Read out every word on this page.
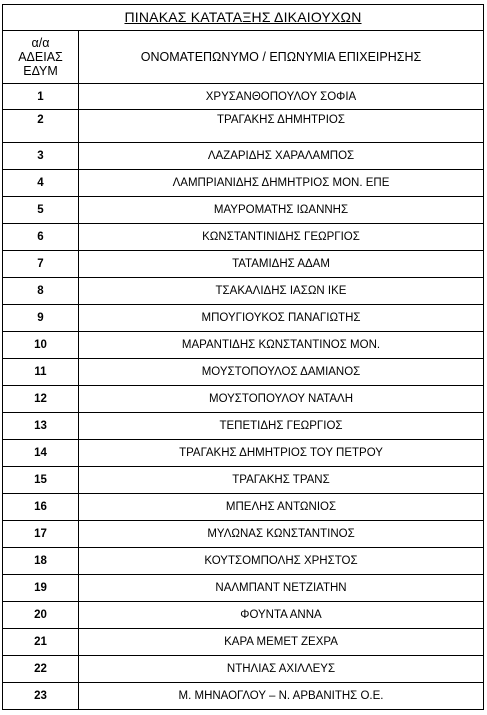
ΠΙΝΑΚΑΣ ΚΑΤΑΤΑΞΗΣ ΔΙΚΑΙΟΥΧΩΝ	

α/α
ΑΔΕΙΑΣ
ΕΔΥΜ	ΟΝΟΜΑΤΕΠΩΝΥΜΟ / ΕΠΩΝΥΜΙΑ ΕΠΙΧΕΙΡΗΣΗΣ
1	ΧΡΥΣΑΝΘΟΠΟΥΛΟΥ ΣΟΦΙΑ
2	ΤΡΑΓΑΚΗΣ ΔΗΜΗΤΡΙΟΣ
3	ΛΑΖΑΡΙΔΗΣ ΧΑΡΑΛΑΜΠΟΣ
4	ΛΑΜΠΡΙΑΝΙΔΗΣ ΔΗΜΗΤΡΙΟΣ ΜΟΝ. ΕΠΕ
5	ΜΑΥΡΟΜΑΤΗΣ ΙΩΑΝΝΗΣ
6	ΚΩΝΣΤΑΝΤΙΝΙΔΗΣ ΓΕΩΡΓΙΟΣ
7	ΤΑΤΑΜΙΔΗΣ ΑΔΑΜ
8	ΤΣΑΚΑΛΙΔΗΣ ΙΑΣΩΝ ΙΚΕ
9	ΜΠΟΥΓΙΟΥΚΟΣ ΠΑΝΑΓΙΩΤΗΣ
10	ΜΑΡΑΝΤΙΔΗΣ ΚΩΝΣΤΑΝΤΙΝΟΣ ΜΟΝ.
11	ΜΟΥΣΤΟΠΟΥΛΟΣ ΔΑΜΙΑΝΟΣ
12	ΜΟΥΣΤΟΠΟΥΛΟΥ ΝΑΤΑΛΗ
13	ΤΕΠΕΤΙΔΗΣ ΓΕΩΡΓΙΟΣ
14	ΤΡΑΓΑΚΗΣ ΔΗΜΗΤΡΙΟΣ ΤΟΥ ΠΕΤΡΟΥ
15	ΤΡΑΓΑΚΗΣ ΤΡΑΝΣ
16	ΜΠΕΛΗΣ ΑΝΤΩΝΙΟΣ
17	ΜΥΛΩΝΑΣ ΚΩΝΣΤΑΝΤΙΝΟΣ
18	ΚΟΥΤΣΟΜΠΟΛΗΣ ΧΡΗΣΤΟΣ
19	ΝΑΛΜΠΑΝΤ ΝΕΤΖΙΑΤΗΝ
20	ΦΟΥΝΤΑ ΑΝΝΑ
21	ΚΑΡΑ ΜΕΜΕΤ ΖΕΧΡΑ
22	ΝΤΗΛΙΑΣ ΑΧΙΛΛΕΥΣ
23	Μ. ΜΗΝΑΟΓΛΟΥ – Ν. ΑΡΒΑΝΙΤΗΣ Ο.Ε.
